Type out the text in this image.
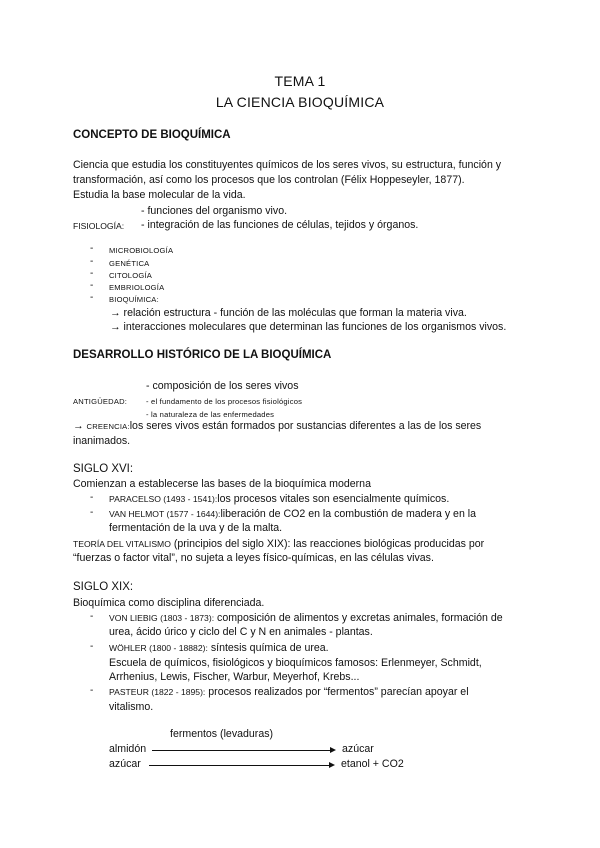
TEMA 1
LA CIENCIA BIOQUÍMICA
CONCEPTO DE BIOQUÍMICA
Ciencia que estudia los constituyentes químicos de los seres vivos, su estructura, función y
transformación, así como los procesos que los controlan (Félix Hoppeseyler, 1877).
Estudia la base molecular de la vida.
- funciones del organismo vivo.
FISIOLOGÍA: - integración de las funciones de células, tejidos y órganos.
- MICROBIOLOGÍA
- GENÉTICA
- CITOLOGÍA
- EMBRIOLOGÍA
- BIOQUÍMICA:
→ relación estructura - función de las moléculas que forman la materia viva.
→ interacciones moleculares que determinan las funciones de los organismos vivos.
DESARROLLO HISTÓRICO DE LA BIOQUÍMICA
- composición de los seres vivos
ANTIGÜEDAD: - el fundamento de los procesos fisiológicos
- la naturaleza de las enfermedades
→ CREENCIA:los seres vivos están formados por sustancias diferentes a las de los seres
inanimados.
SIGLO XVI:
Comienzan a establecerse las bases de la bioquímica moderna
- PARACELSO (1493 - 1541):los procesos vitales son esencialmente químicos.
- VAN HELMOT (1577 - 1644):liberación de CO2 en la combustión de madera y en la
fermentación de la uva y de la malta.
TEORÍA DEL VITALISMO (principios del siglo XIX): las reacciones biológicas producidas por
“fuerzas o factor vital”, no sujeta a leyes físico-químicas, en las células vivas.
SIGLO XIX:
Bioquímica como disciplina diferenciada.
- VON LIEBIG (1803 - 1873): composición de alimentos y excretas animales, formación de
urea, ácido úrico y ciclo del C y N en animales - plantas.
- WÖHLER (1800 - 18882): síntesis química de urea.
Escuela de químicos, fisiológicos y bioquímicos famosos: Erlenmeyer, Schmidt,
Arrhenius, Lewis, Fischer, Warbur, Meyerhof, Krebs...
- PASTEUR (1822 - 1895): procesos realizados por “fermentos” parecían apoyar el
vitalismo.
fermentos (levaduras)
almidón	azúcar
azúcar	etanol + CO2
